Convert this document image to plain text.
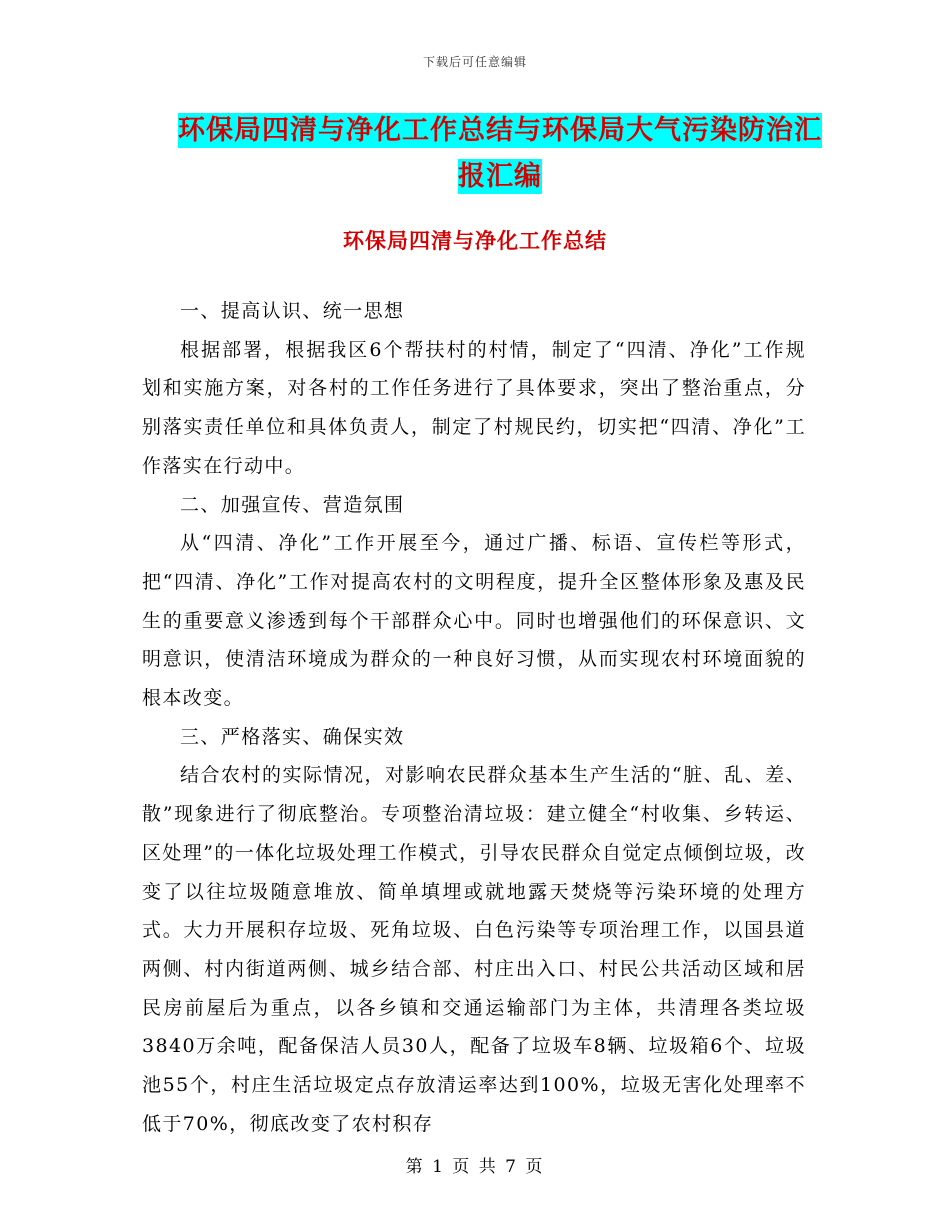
下载后可任意编辑
环保局四清与净化工作总结与环保局大气污染防治汇
报汇编
环保局四清与净化工作总结

一、提高认识、统一思想

根据部署，根据我区6个帮扶村的村情，制定了“四清、净化”工作规划和实施方案，对各村的工作任务进行了具体要求，突出了整治重点，分别落实责任单位和具体负责人，制定了村规民约，切实把“四清、净化”工作落实在行动中。

二、加强宣传、营造氛围

从“四清、净化”工作开展至今，通过广播、标语、宣传栏等形式，把“四清、净化”工作对提高农村的文明程度，提升全区整体形象及惠及民生的重要意义渗透到每个干部群众心中。同时也增强他们的环保意识、文明意识，使清洁环境成为群众的一种良好习惯，从而实现农村环境面貌的根本改变。

三、严格落实、确保实效

结合农村的实际情况，对影响农民群众基本生产生活的“脏、乱、差、散”现象进行了彻底整治。专项整治清垃圾：建立健全“村收集、乡转运、区处理”的一体化垃圾处理工作模式，引导农民群众自觉定点倾倒垃圾，改变了以往垃圾随意堆放、简单填埋或就地露天焚烧等污染环境的处理方式。大力开展积存垃圾、死角垃圾、白色污染等专项治理工作，以国县道两侧、村内街道两侧、城乡结合部、村庄出入口、村民公共活动区域和居民房前屋后为重点，以各乡镇和交通运输部门为主体，共清理各类垃圾3840万余吨，配备保洁人员30人，配备了垃圾车8辆、垃圾箱6个、垃圾池55个，村庄生活垃圾定点存放清运率达到100%，垃圾无害化处理率不低于70%，彻底改变了农村积存

第 1 页 共 7 页
